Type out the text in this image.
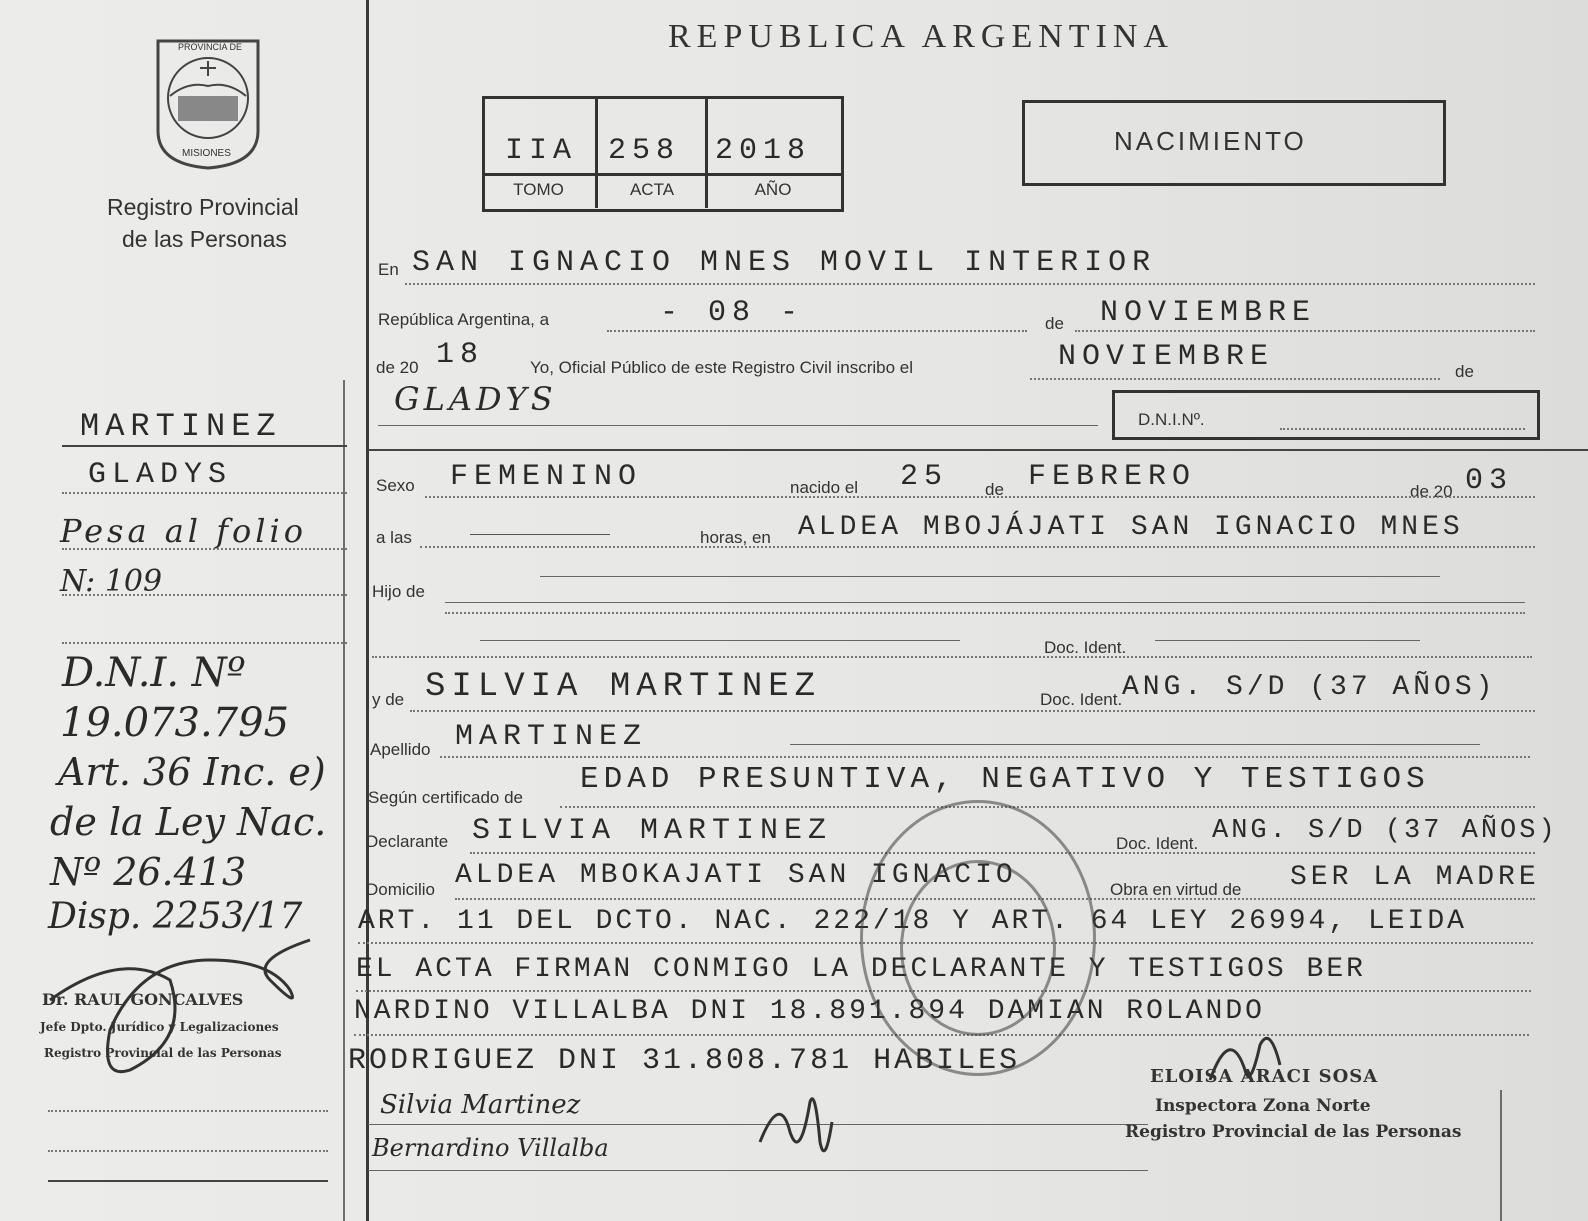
PROVINCIA DE
MISIONES
Registro Provincial
de las Personas
REPUBLICA ARGENTINA
IIA 258 2018
TOMO	ACTA	AÑO
NACIMIENTO
En SAN IGNACIO MNES MOVIL INTERIOR
República Argentina, a	- 08 -	de NOVIEMBRE
de 20 18	Yo, Oficial Público de este Registro Civil inscribo el	NOVIEMBRE	de
GLADYS
D.N.I.Nº.
Sexo FEMENINO	nacido el 25 de FEBRERO	de 20 03
a las	horas, en ALDEA MBOJÁJATI SAN IGNACIO MNES
Hijo de
Doc. Ident.
y de SILVIA MARTINEZ	Doc. Ident. ANG. S/D (37 AÑOS)
Apellido MARTINEZ
Según certificado de
EDAD PRESUNTIVA, NEGATIVO Y TESTIGOS
Declarante SILVIA MARTINEZ	Doc. Ident. ANG. S/D (37 AÑOS)
Domicilio ALDEA MBOKAJATI SAN IGNACIO	Obra en virtud de SER LA MADRE
ART. 11 DEL DCTO. NAC. 222/18 Y ART. 64 LEY 26994, LEIDA
EL ACTA FIRMAN CONMIGO LA DECLARANTE Y TESTIGOS BER
NARDINO VILLALBA DNI 18.891.894 DAMIAN ROLANDO
RODRIGUEZ DNI 31.808.781 HABILES
Silvia Martinez
Bernardino Villalba
ELOISA ARACI SOSA
Inspectora Zona Norte
Registro Provincial de las Personas
MARTINEZ
GLADYS
Pesa al folio
N: 109
D.N.I. Nº
19.073.795
Art. 36 Inc. e)
de la Ley Nac.
Nº 26.413
Disp. 2253/17
Dr. RAUL GONCALVES
Jefe Dpto. Jurídico y Legalizaciones
Registro Provincial de las Personas
